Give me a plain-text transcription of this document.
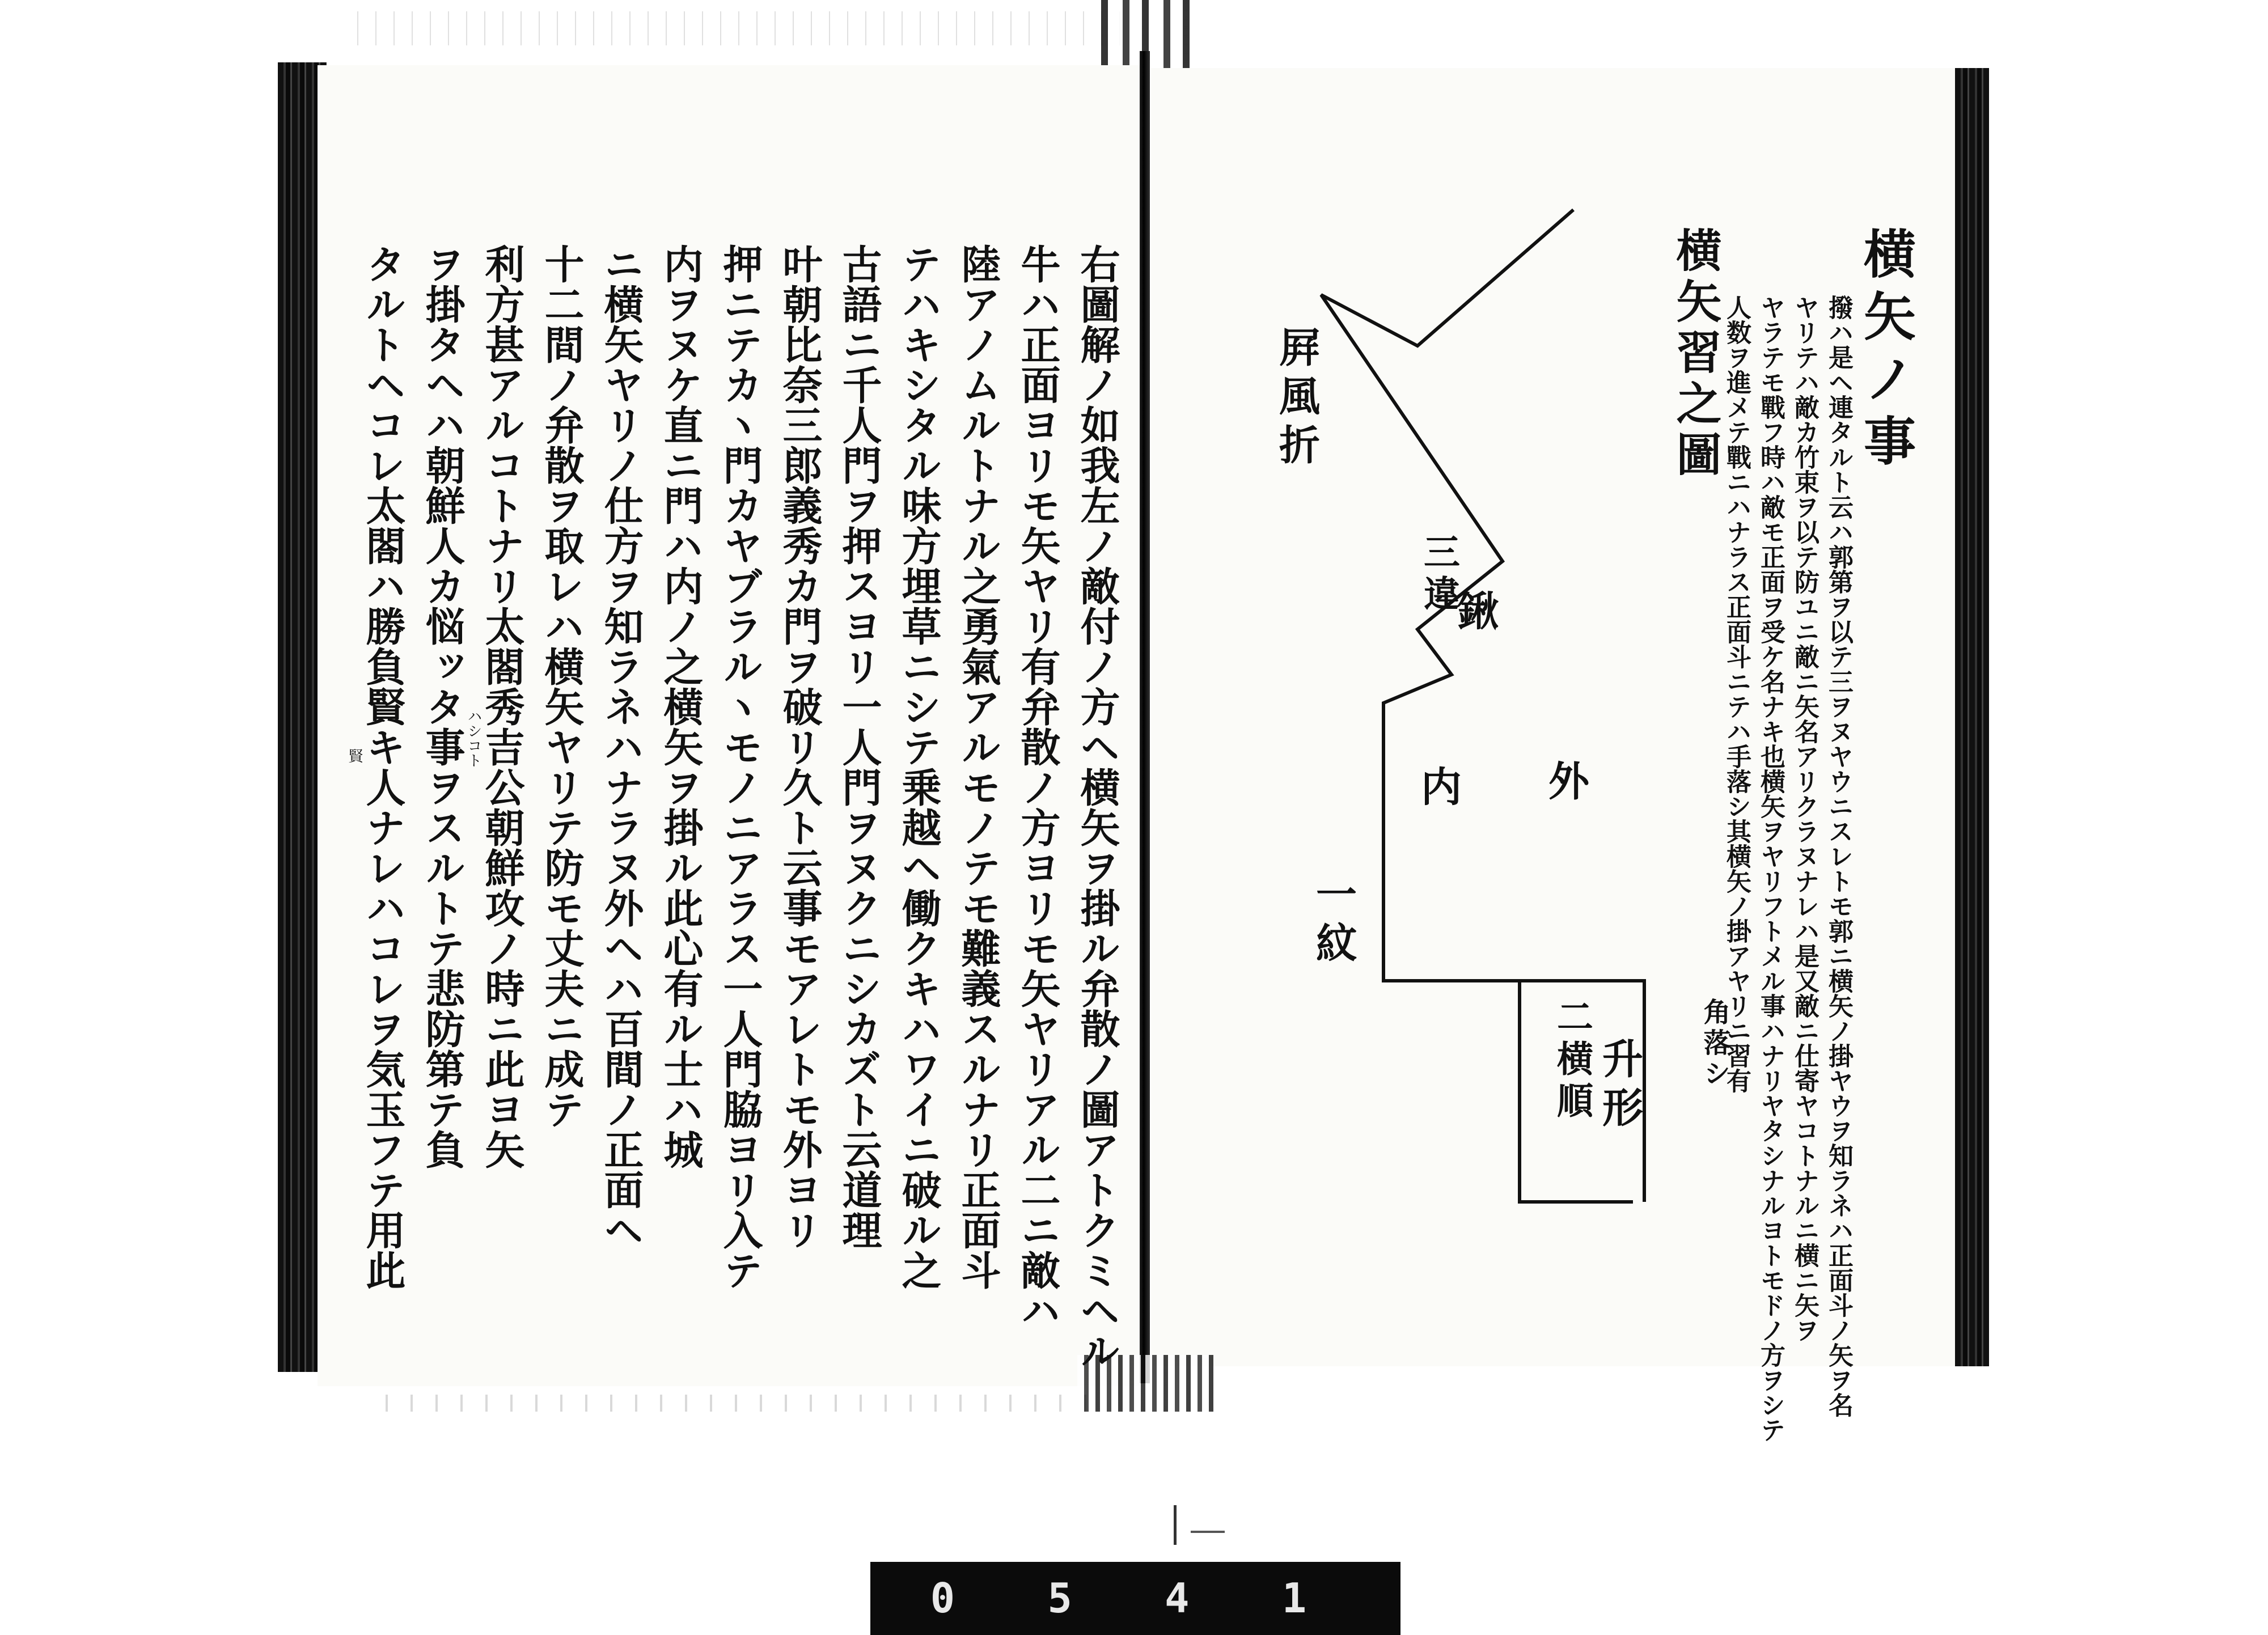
右圖解ノ如我左ノ敵付ノ方ヘ横矢ヲ掛ル弁散ノ圖アトクミヘル
牛ハ正面ヨリモ矢ヤリ有弁散ノ方ヨリモ矢ヤリアル二ニ敵ハ
陸アノムルトナル之勇氣アルモノテモ難義スルナリ正面斗
テハキシタル味方埋草ニシテ乗越ヘ働クキハワイニ破ル之
古語ニ千人門ヲ押スヨリ一人門ヲヌクニシカズト云道理
叶朝比奈三郎義秀カ門ヲ破リ久ト云事モアレトモ外ヨリ
押ニテカヽ門カヤブラルヽモノニアラス一人門脇ヨリ入テ
内ヲヌケ直ニ門ハ内ノ之横矢ヲ掛ル此心有ル士ハ城
ニ横矢ヤリノ仕方ヲ知ラネハナラヌ外ヘハ百間ノ正面ヘ
十二間ノ弁散ヲ取レハ横矢ヤリテ防モ丈夫ニ成テ
利方甚アルコトナリ太閤秀吉公朝鮮攻ノ時ニ此ヨ矢
ヲ掛タヘハ朝鮮人カ悩ッタ事ヲスルトテ悲防第テ負
タルトヘコレ太閤ハ勝負賢キ人ナレハコレヲ気玉フテ用此	ハシコト
賢
横矢ノ事
撥ハ是ヘ連タルト云ハ郭第ヲ以テ三ヲヌヤウニスレトモ郭ニ横矢ノ掛ヤウヲ知ラネハ正面斗ノ矢ヲ名
ヤリテハ敵カ竹束ヲ以テ防ユニ敵ニ矢名アリクラヌナレハ是又敵ニ仕寄ヤコトナルニ横ニ矢ヲ
ヤラテモ戰フ時ハ敵モ正面ヲ受ケ名ナキ也横矢ヲヤリフトメル事ハナリヤタシナルヨトモドノ方ヲシテ
人数ヲ進メテ戰ニハナラス正面斗ニテハ手落シ其横矢ノ掛アヤリニ習有
横矢習之圖
角落シ
屛風折
三違
鍬
外
内
一紋
二横順 升形
0 5 4 1
